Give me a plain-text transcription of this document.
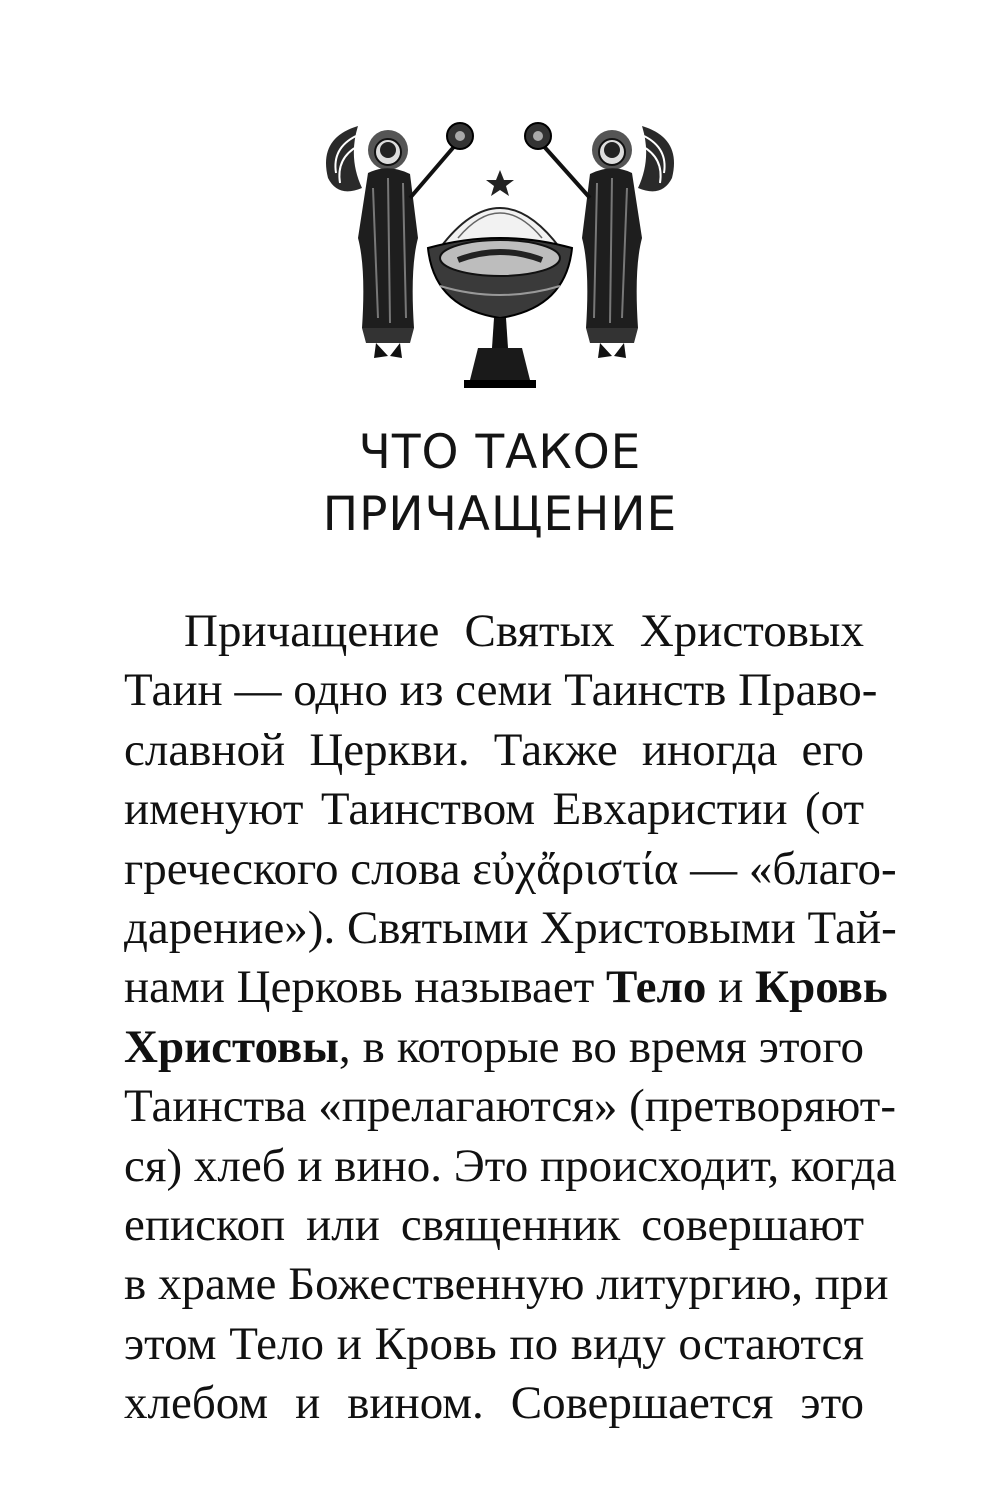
ЧТО ТАКОЕ
ПРИЧАЩЕНИЕ
Причащение Святых Христовых
Таин — одно из семи Таинств Право-
славной Церкви. Также иногда его
именуют Таинством Евхаристии (от
греческого слова εὐχἄριστία — «благо-
дарение»). Святыми Христовыми Тай-
нами Церковь называет Тело и Кровь
Христовы, в которые во время этого
Таинства «прелагаются» (претворяют-
ся) хлеб и вино. Это происходит, когда
епископ или священник совершают
в храме Божественную литургию, при
этом Тело и Кровь по виду остаются
хлебом и вином. Совершается это
